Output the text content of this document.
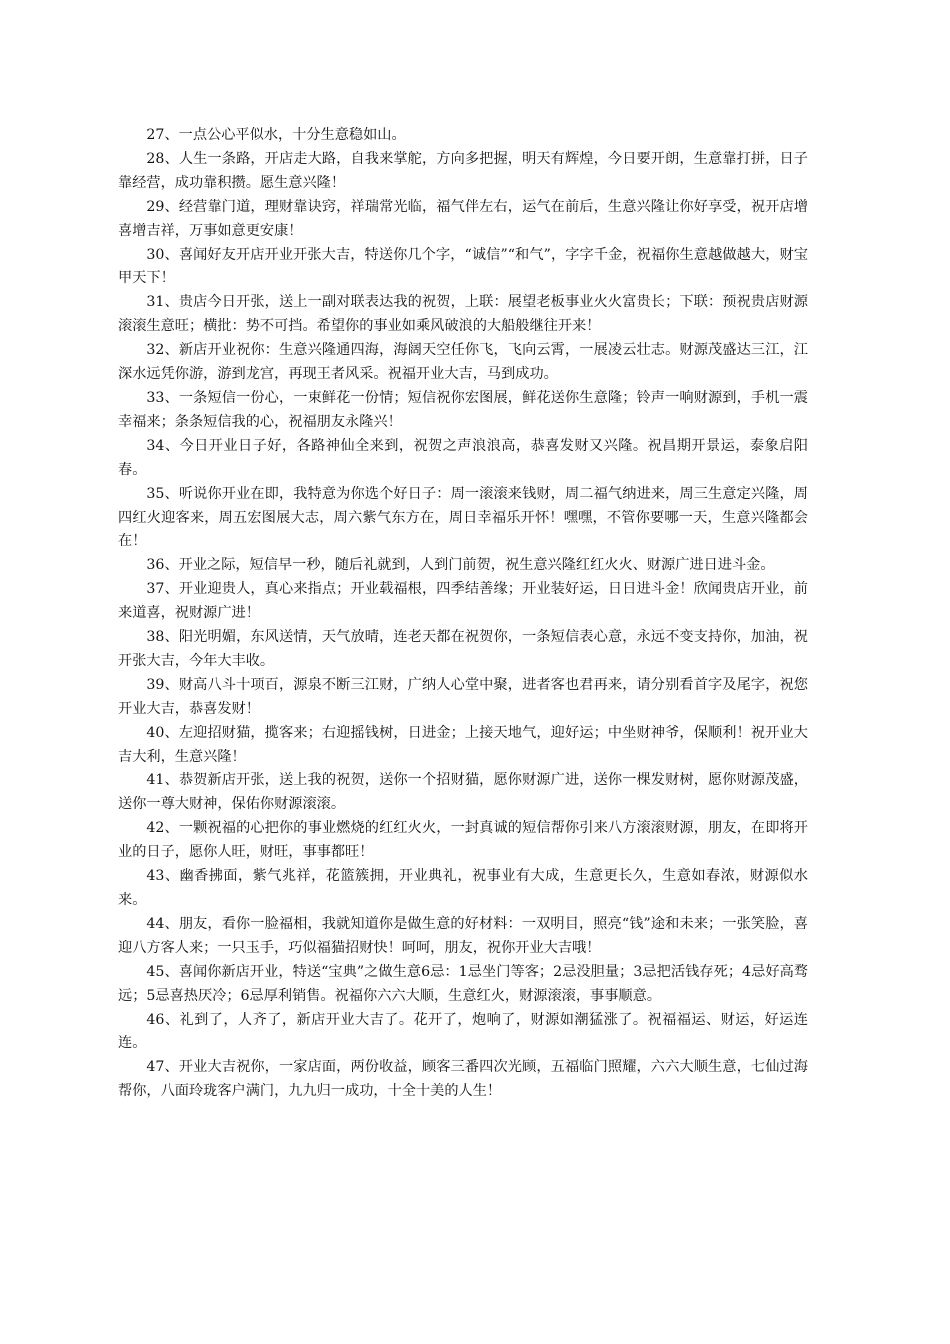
27、一点公心平似水，十分生意稳如山。

28、人生一条路，开店走大路，自我来掌舵，方向多把握，明天有辉煌，今日要开朗，生意靠打拼，日子靠经营，成功靠积攒。愿生意兴隆！

29、经营靠门道，理财靠诀窍，祥瑞常光临，福气伴左右，运气在前后，生意兴隆让你好享受，祝开店增喜增吉祥，万事如意更安康！

30、喜闻好友开店开业开张大吉，特送你几个字，“诚信”“和气”，字字千金，祝福你生意越做越大，财宝甲天下！

31、贵店今日开张，送上一副对联表达我的祝贺，上联：展望老板事业火火富贵长；下联：预祝贵店财源滚滚生意旺；横批：势不可挡。希望你的事业如乘风破浪的大船般继往开来！

32、新店开业祝你：生意兴隆通四海，海阔天空任你飞，飞向云霄，一展凌云壮志。财源茂盛达三江，江深水远凭你游，游到龙宫，再现王者风采。祝福开业大吉，马到成功。

33、一条短信一份心，一束鲜花一份情；短信祝你宏图展，鲜花送你生意隆；铃声一响财源到，手机一震幸福来；条条短信我的心，祝福朋友永隆兴！

34、今日开业日子好，各路神仙全来到，祝贺之声浪浪高，恭喜发财又兴隆。祝昌期开景运，泰象启阳春。

35、听说你开业在即，我特意为你选个好日子：周一滚滚来钱财，周二福气纳进来，周三生意定兴隆，周四红火迎客来，周五宏图展大志，周六紫气东方在，周日幸福乐开怀！嘿嘿，不管你要哪一天，生意兴隆都会在！

36、开业之际，短信早一秒，随后礼就到，人到门前贺，祝生意兴隆红红火火、财源广进日进斗金。

37、开业迎贵人，真心来指点；开业载福根，四季结善缘；开业装好运，日日进斗金！欣闻贵店开业，前来道喜，祝财源广进！

38、阳光明媚，东风送情，天气放晴，连老天都在祝贺你，一条短信表心意，永远不变支持你，加油，祝开张大吉，今年大丰收。

39、财高八斗十项百，源泉不断三江财，广纳人心堂中聚，进者客也君再来，请分别看首字及尾字，祝您开业大吉，恭喜发财！

40、左迎招财猫，揽客来；右迎摇钱树，日进金；上接天地气，迎好运；中坐财神爷，保顺利！祝开业大吉大利，生意兴隆！

41、恭贺新店开张，送上我的祝贺，送你一个招财猫，愿你财源广进，送你一棵发财树，愿你财源茂盛，送你一尊大财神，保佑你财源滚滚。

42、一颗祝福的心把你的事业燃烧的红红火火，一封真诚的短信帮你引来八方滚滚财源，朋友，在即将开业的日子，愿你人旺，财旺，事事都旺！

43、幽香拂面，紫气兆祥，花篮簇拥，开业典礼，祝事业有大成，生意更长久，生意如春浓，财源似水来。

44、朋友，看你一脸福相，我就知道你是做生意的好材料：一双明目，照亮“钱”途和未来；一张笑脸，喜迎八方客人来；一只玉手，巧似福猫招财快！呵呵，朋友，祝你开业大吉哦！

45、喜闻你新店开业，特送“宝典”之做生意6忌：1忌坐门等客；2忌没胆量；3忌把活钱存死；4忌好高骛远；5忌喜热厌冷；6忌厚利销售。祝福你六六大顺，生意红火，财源滚滚，事事顺意。

46、礼到了，人齐了，新店开业大吉了。花开了，炮响了，财源如潮猛涨了。祝福福运、财运，好运连连。

47、开业大吉祝你，一家店面，两份收益，顾客三番四次光顾，五福临门照耀，六六大顺生意，七仙过海帮你，八面玲珑客户满门，九九归一成功，十全十美的人生！
